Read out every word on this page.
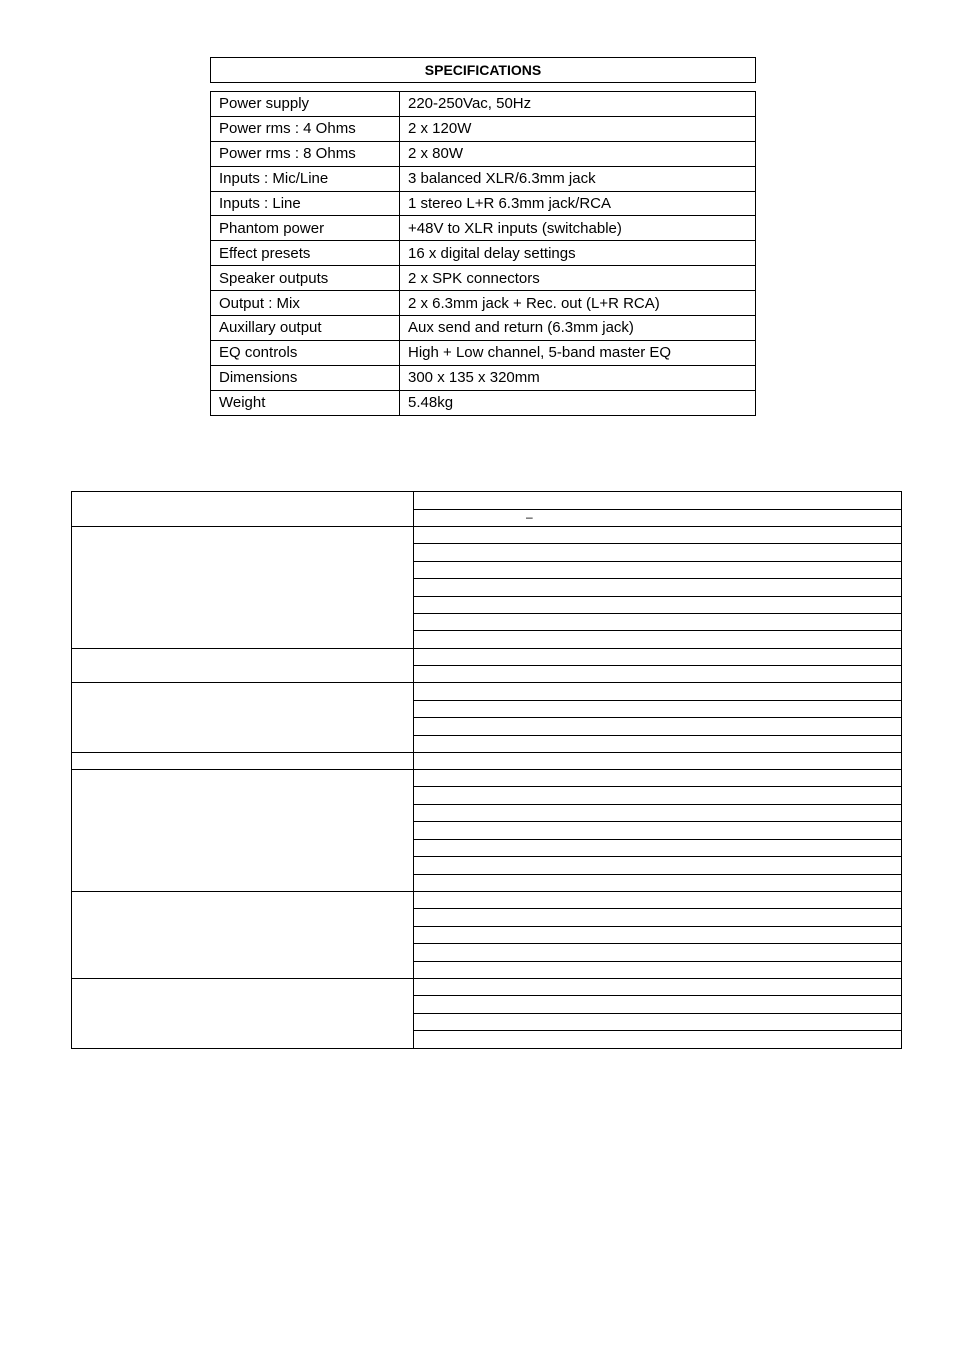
SPECIFICATIONS
Power supply	220-250Vac, 50Hz
Power rms : 4 Ohms	2 x 120W
Power rms : 8 Ohms	2 x 80W
Inputs : Mic/Line	3 balanced XLR/6.3mm jack
Inputs : Line	1 stereo L+R 6.3mm jack/RCA
Phantom power	+48V to XLR inputs (switchable)
Effect presets	16 x digital delay settings
Speaker outputs	2 x SPK connectors
Output : Mix	2 x 6.3mm jack + Rec. out (L+R RCA)
Auxillary output	Aux send and return (6.3mm jack)
EQ controls	High + Low channel, 5-band master EQ
Dimensions	300 x 135 x 320mm
Weight	5.48kg
–
